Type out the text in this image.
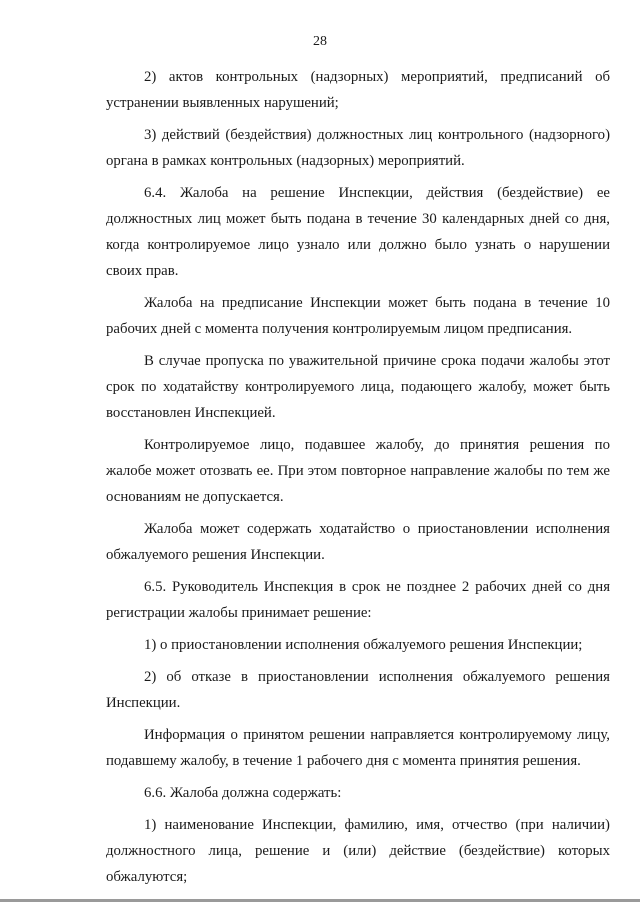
28

2) актов контрольных (надзорных) мероприятий, предписаний об устранении выявленных нарушений;

3) действий (бездействия) должностных лиц контрольного (надзорного) органа в рамках контрольных (надзорных) мероприятий.

6.4. Жалоба на решение Инспекции, действия (бездействие) ее должностных лиц может быть подана в течение 30 календарных дней со дня, когда контролируемое лицо узнало или должно было узнать о нарушении своих прав.

Жалоба на предписание Инспекции может быть подана в течение 10 рабочих дней с момента получения контролируемым лицом предписания.

В случае пропуска по уважительной причине срока подачи жалобы этот срок по ходатайству контролируемого лица, подающего жалобу, может быть восстановлен Инспекцией.

Контролируемое лицо, подавшее жалобу, до принятия решения по жалобе может отозвать ее. При этом повторное направление жалобы по тем же основаниям не допускается.

Жалоба может содержать ходатайство о приостановлении исполнения обжалуемого решения Инспекции.

6.5. Руководитель Инспекция в срок не позднее 2 рабочих дней со дня регистрации жалобы принимает решение:

1) о приостановлении исполнения обжалуемого решения Инспекции;

2) об отказе в приостановлении исполнения обжалуемого решения Инспекции.

Информация о принятом решении направляется контролируемому лицу, подавшему жалобу, в течение 1 рабочего дня с момента принятия решения.

6.6. Жалоба должна содержать:

1) наименование Инспекции, фамилию, имя, отчество (при наличии) должностного лица, решение и (или) действие (бездействие) которых обжалуются;
